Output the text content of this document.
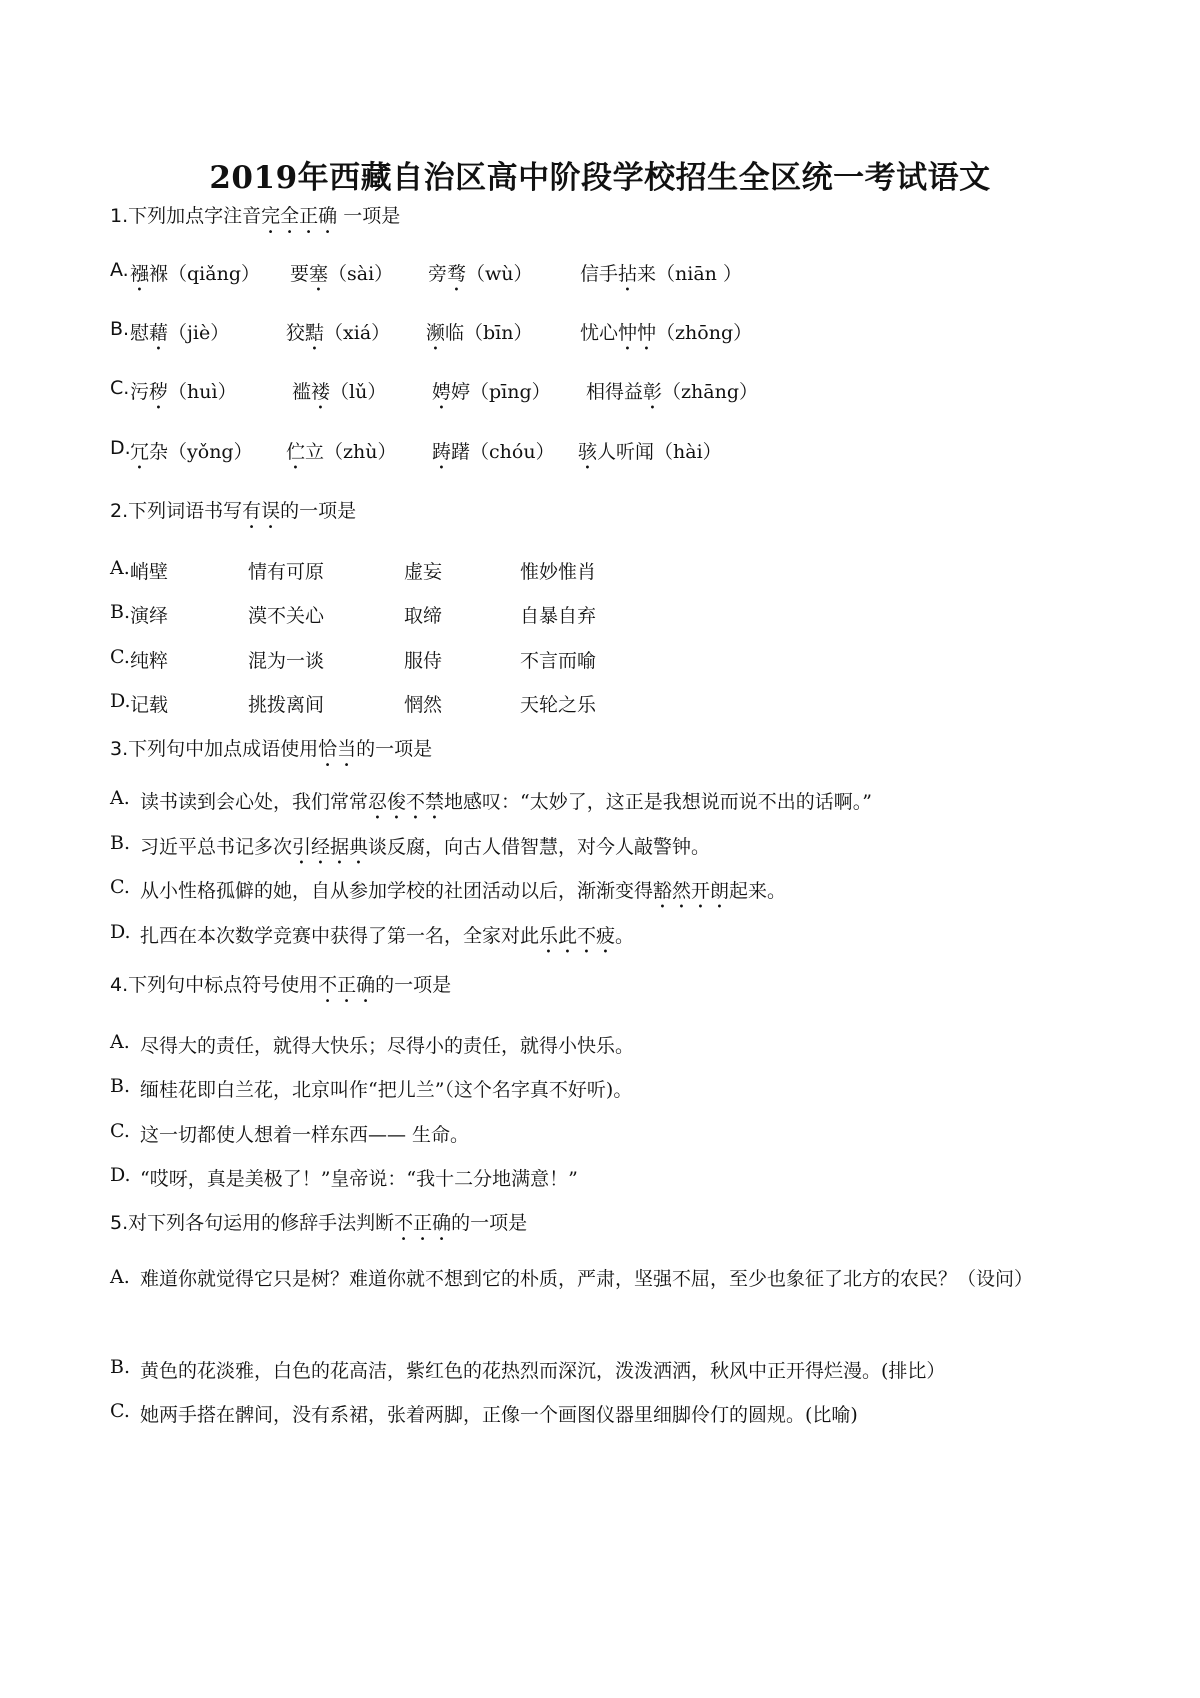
2019年西藏自治区高中阶段学校招生全区统一考试语文
1.下列加点字注音完全正确 一项是
A. 襁褓（qiǎng） 要塞（sài） 旁骛（wù） 信手拈来（niān ）
B. 慰藉（jiè）	狡黠（xiá） 濒临（bīn）	忧心忡忡（zhōng）
C. 污秽（huì）	褴褛（lǔ） 娉婷（pīng） 相得益彰（zhāng）
D. 冗杂（yǒng） 伫立（zhù） 踌躇（chóu） 骇人听闻（hài）
2.下列词语书写有误的一项是
A. 峭壁	情有可原	虚妄	惟妙惟肖
B. 演绎	漠不关心	取缔	自暴自弃
C. 纯粹	混为一谈	服侍	不言而喻
D. 记载	挑拨离间	惘然	天轮之乐
3.下列句中加点成语使用恰当的一项是
A. 读书读到会心处，我们常常忍俊不禁地感叹：“太妙了，这正是我想说而说不出的话啊。”
B. 习近平总书记多次引经据典谈反腐，向古人借智慧，对今人敲警钟。
C. 从小性格孤僻的她，自从参加学校的社团活动以后，渐渐变得豁然开朗起来。
D. 扎西在本次数学竞赛中获得了第一名，全家对此乐此不疲。
4.下列句中标点符号使用不正确的一项是
A. 尽得大的责任，就得大快乐；尽得小的责任，就得小快乐。
B. 缅桂花即白兰花，北京叫作“把儿兰”（这个名字真不好听)。
C. 这一切都使人想着一样东西—— 生命。
D. “哎呀，真是美极了！”皇帝说：“我十二分地满意！”
5.对下列各句运用的修辞手法判断不正确的一项是
A. 难道你就觉得它只是树？难道你就不想到它的朴质，严肃，坚强不屈，至少也象征了北方的农民？（设问）
B. 黄色的花淡雅，白色的花高洁，紫红色的花热烈而深沉，泼泼洒洒，秋风中正开得烂漫。(排比）
C. 她两手搭在髀间，没有系裙，张着两脚，正像一个画图仪器里细脚伶仃的圆规。(比喻)
